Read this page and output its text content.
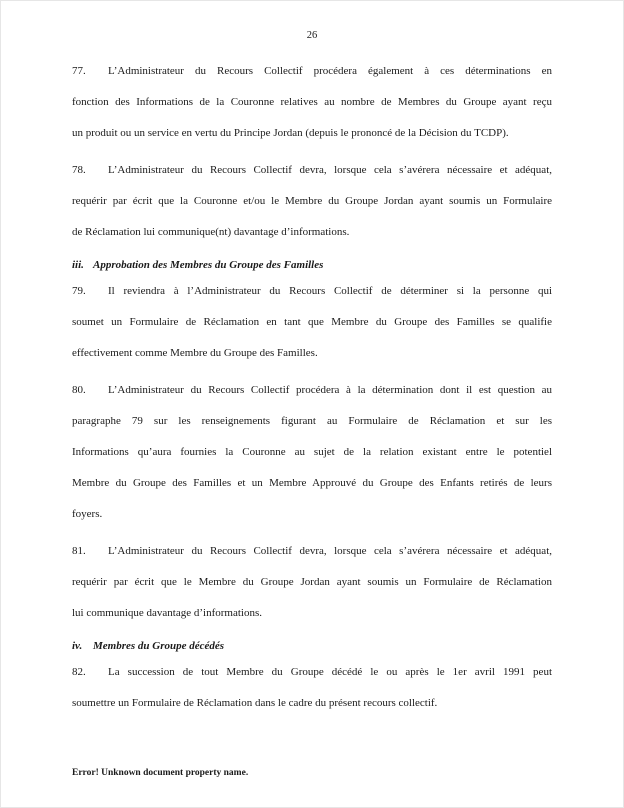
26
77. L’Administrateur du Recours Collectif procédera également à ces déterminations en
fonction des Informations de la Couronne relatives au nombre de Membres du Groupe ayant reçu
un produit ou un service en vertu du Principe Jordan (depuis le prononcé de la Décision du TCDP).
78. L’Administrateur du Recours Collectif devra, lorsque cela s’avérera nécessaire et adéquat,
requérir par écrit que la Couronne et/ou le Membre du Groupe Jordan ayant soumis un Formulaire
de Réclamation lui communique(nt) davantage d’informations.
iii. Approbation des Membres du Groupe des Familles
79. Il reviendra à l’Administrateur du Recours Collectif de déterminer si la personne qui
soumet un Formulaire de Réclamation en tant que Membre du Groupe des Familles se qualifie
effectivement comme Membre du Groupe des Familles.
80. L’Administrateur du Recours Collectif procédera à la détermination dont il est question au
paragraphe 79 sur les renseignements figurant au Formulaire de Réclamation et sur les
Informations qu’aura fournies la Couronne au sujet de la relation existant entre le potentiel
Membre du Groupe des Familles et un Membre Approuvé du Groupe des Enfants retirés de leurs
foyers.
81. L’Administrateur du Recours Collectif devra, lorsque cela s’avérera nécessaire et adéquat,
requérir par écrit que le Membre du Groupe Jordan ayant soumis un Formulaire de Réclamation
lui communique davantage d’informations.
iv. Membres du Groupe décédés
82. La succession de tout Membre du Groupe décédé le ou après le 1er avril 1991 peut
soumettre un Formulaire de Réclamation dans le cadre du présent recours collectif.
Error! Unknown document property name.
